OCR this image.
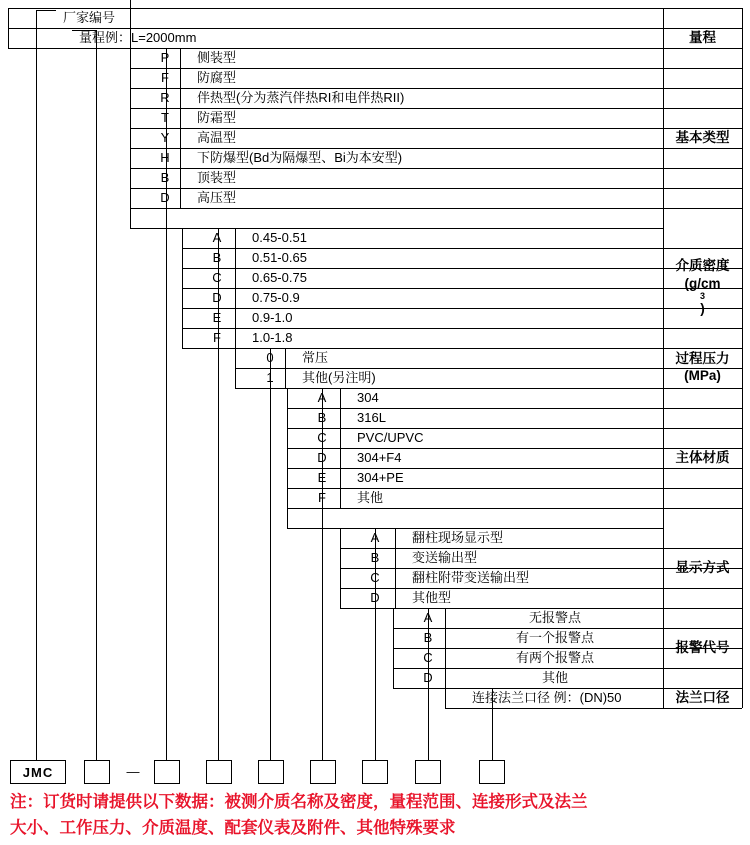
厂家编号
量程例：L=2000mm	量程
P	侧装型
F	防腐型
R	伴热型(分为蒸汽伴热RI和电伴热RII)
T	防霜型
Y	高温型
H	下防爆型(Bd为隔爆型、Bi为本安型)
B	顶装型
D	高压型
基本类型
A	0.45-0.51
B	0.51-0.65
C	0.65-0.75
D	0.75-0.9
E	0.9-1.0
F	1.0-1.8
介质密度
(g/cm
3
)
0	常压
1	其他(另注明)
过程压力
(MPa)
A	304
B	316L
C	PVC/UPVC
D	304+F4
E	304+PE
F	其他
主体材质
A	翻柱现场显示型
B	变送输出型
C	翻柱附带变送输出型
D	其他型
显示方式
A	无报警点
B	有一个报警点
C	有两个报警点
D	其他
报警代号
连接法兰口径 例：(DN)50	法兰口径
JMC	—
注：订货时请提供以下数据：被测介质名称及密度，量程范围、连接形式及法兰
大小、工作压力、介质温度、配套仪表及附件、其他特殊要求
